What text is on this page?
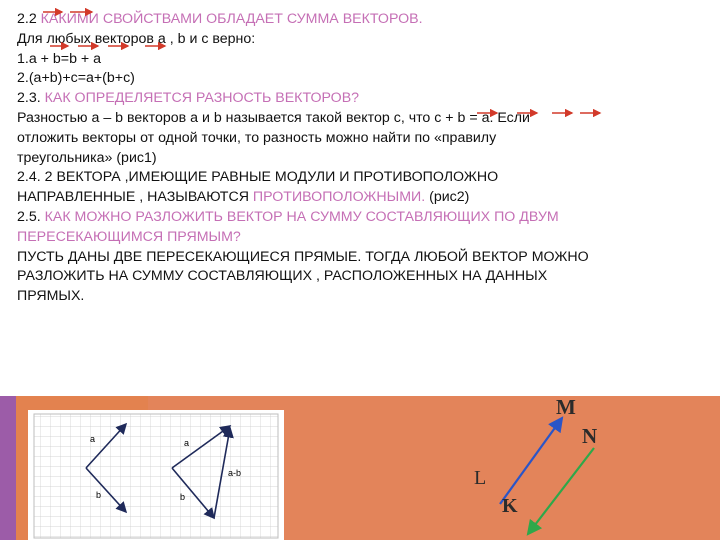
2.2 КАКИМИ СВОЙСТВАМИ ОБЛАДАЕТ СУММА ВЕКТОРОВ.

Для любых векторов а , b и c верно:

1.a + b=b + a

2.(a+b)+c=a+(b+c)

2.3. КАК ОПРЕДЕЛЯЕТСЯ РАЗНОСТЬ ВЕКТОРОВ?

Разностью а – b векторов а и b называется такой вектор с, что с + b = а. Если

отложить векторы от одной точки, то разность можно найти по «правилу

треугольника» (рис1)

2.4. 2 ВЕКТОРА ,ИМЕЮЩИЕ РАВНЫЕ МОДУЛИ И ПРОТИВОПОЛОЖНО

НАПРАВЛЕННЫЕ , НАЗЫВАЮТСЯ ПРОТИВОПОЛОЖНЫМИ. (рис2)

2.5. КАК МОЖНО РАЗЛОЖИТЬ ВЕКТОР НА СУММУ СОСТАВЛЯЮЩИХ ПО ДВУМ

ПЕРЕСЕКАЮЩИМСЯ ПРЯМЫМ?

ПУСТЬ ДАНЫ ДВЕ ПЕРЕСЕКАЮЩИЕСЯ ПРЯМЫЕ. ТОГДА ЛЮБОЙ ВЕКТОР МОЖНО

РАЗЛОЖИТЬ НА СУММУ СОСТАВЛЯЮЩИХ , РАСПОЛОЖЕННЫХ НА ДАННЫХ

ПРЯМЫХ.

a
b
a
b
a-b
M
N
L
K
